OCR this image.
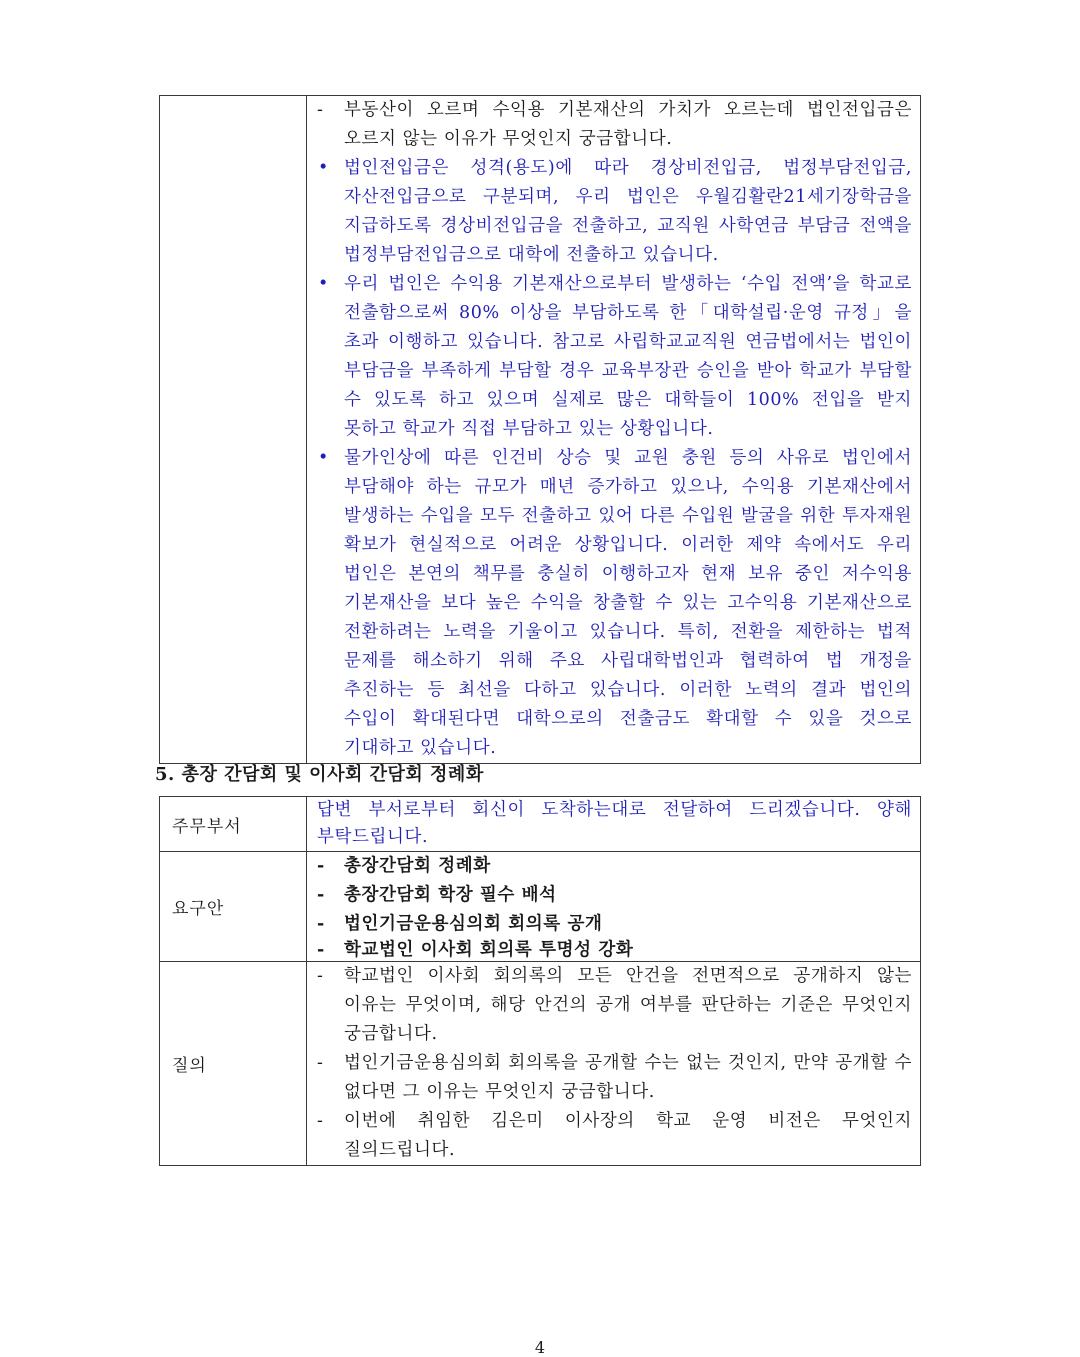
- 부동산이 오르며 수익용 기본재산의 가치가 오르는데 법인전입금은 오르지 않는 이유가 무엇인지 궁금합니다.
• 법인전입금은 성격(용도)에 따라 경상비전입금, 법정부담전입금, 자산전입금으로 구분되며, 우리 법인은 우월김활란21세기장학금을 지급하도록 경상비전입금을 전출하고, 교직원 사학연금 부담금 전액을 법정부담전입금으로 대학에 전출하고 있습니다.
• 우리 법인은 수익용 기본재산으로부터 발생하는 ‘수입 전액’을 학교로 전출함으로써 80% 이상을 부담하도록 한「대학설립·운영 규정」을 초과 이행하고 있습니다. 참고로 사립학교교직원 연금법에서는 법인이 부담금을 부족하게 부담할 경우 교육부장관 승인을 받아 학교가 부담할 수 있도록 하고 있으며 실제로 많은 대학들이 100% 전입을 받지 못하고 학교가 직접 부담하고 있는 상황입니다.
• 물가인상에 따른 인건비 상승 및 교원 충원 등의 사유로 법인에서 부담해야 하는 규모가 매년 증가하고 있으나, 수익용 기본재산에서 발생하는 수입을 모두 전출하고 있어 다른 수입원 발굴을 위한 투자재원 확보가 현실적으로 어려운 상황입니다. 이러한 제약 속에서도 우리 법인은 본연의 책무를 충실히 이행하고자 현재 보유 중인 저수익용 기본재산을 보다 높은 수익을 창출할 수 있는 고수익용 기본재산으로 전환하려는 노력을 기울이고 있습니다. 특히, 전환을 제한하는 법적 문제를 해소하기 위해 주요 사립대학법인과 협력하여 법 개정을 추진하는 등 최선을 다하고 있습니다. 이러한 노력의 결과 법인의 수입이 확대된다면 대학으로의 전출금도 확대할 수 있을 것으로 기대하고 있습니다.
5. 총장 간담회 및 이사회 간담회 정례화
주무부서	답변 부서로부터 회신이 도착하는대로 전달하여 드리겠습니다. 양해 부탁드립니다.

요구안	- 총장간담회 정례화
- 총장간담회 학장 필수 배석
- 법인기금운용심의회 회의록 공개
- 학교법인 이사회 회의록 투명성 강화

질의	- 학교법인 이사회 회의록의 모든 안건을 전면적으로 공개하지 않는 이유는 무엇이며, 해당 안건의 공개 여부를 판단하는 기준은 무엇인지 궁금합니다.
- 법인기금운용심의회 회의록을 공개할 수는 없는 것인지, 만약 공개할 수 없다면 그 이유는 무엇인지 궁금합니다.
- 이번에 취임한 김은미 이사장의 학교 운영 비전은 무엇인지 질의드립니다.
4
